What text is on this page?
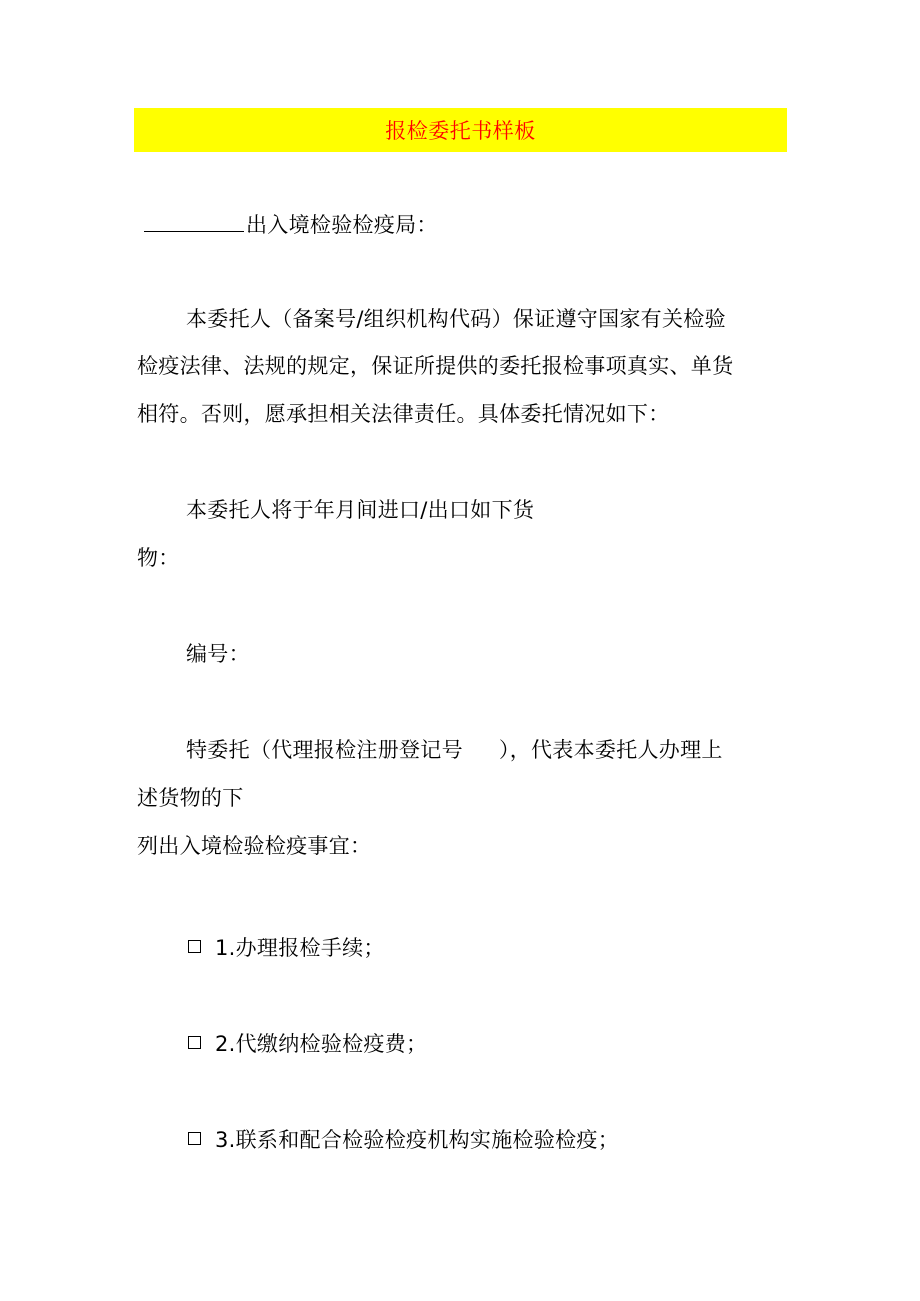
报检委托书样板
出入境检验检疫局：
本委托人（备案号/组织机构代码）保证遵守国家有关检验
检疫法律、法规的规定，保证所提供的委托报检事项真实、单货
相符。否则，愿承担相关法律责任。具体委托情况如下：
本委托人将于年月间进口/出口如下货
物：
编号：
特委托（代理报检注册登记号 ），代表本委托人办理上
述货物的下
列出入境检验检疫事宜：
1.办理报检手续；
2.代缴纳检验检疫费；
3.联系和配合检验检疫机构实施检验检疫；
